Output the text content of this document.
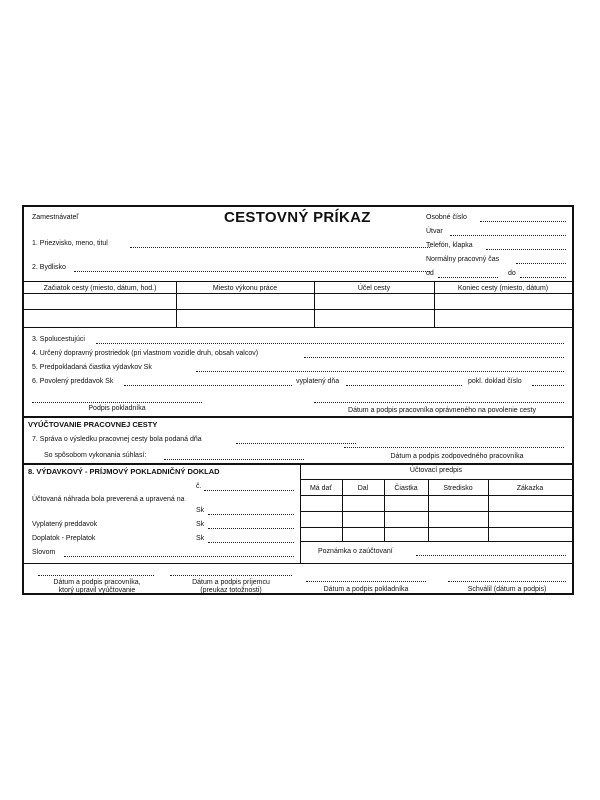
CESTOVNÝ PRÍKAZ
Zamestnávateľ
1. Priezvisko, meno, titul
2. Bydlisko
Osobné číslo
Útvar
Telefón, klapka
Normálny pracovný čas
od	do
Začiatok cesty (miesto, dátum, hod.)	Miesto výkonu práce	Účel cesty	Koniec cesty (miesto, dátum)
3. Spolucestujúci
4. Určený dopravný prostriedok (pri vlastnom vozidle druh, obsah valcov)
5. Predpokladaná čiastka výdavkov Sk
6. Povolený preddavok Sk	vyplatený dňa	pokl. doklad číslo
Podpis pokladníka	Dátum a podpis pracovníka oprávneného na povolenie cesty
VYÚČTOVANIE PRACOVNEJ CESTY
7. Správa o výsledku pracovnej cesty bola podaná dňa
So spôsobom vykonania súhlasí:	Dátum a podpis zodpovedného pracovníka
8. VÝDAVKOVÝ - PRÍJMOVÝ POKLADNIČNÝ DOKLAD
č.
Účtovaná náhrada bola preverená a upravená na
Sk
Vyplatený preddavok	Sk
Doplatok - Preplatok	Sk
Slovom
Účtovací predpis
Má dať	Dal	Čiastka	Stredisko	Zákazka
Poznámka o zaúčtovaní
Dátum a podpis pracovníka,
ktorý upravil vyúčtovanie
Dátum a podpis príjemcu
(preukaz totožnosti)	Dátum a podpis pokladníka	Schválil (dátum a podpis)
